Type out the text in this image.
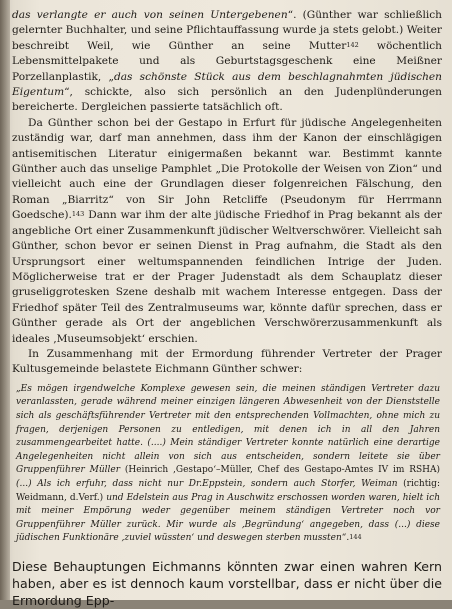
das verlangte er auch von seinen Untergebenen“. (Günther war schließlich gelernter Buchhalter, und seine Pflichtauffassung wurde ja stets gelobt.) Weiter beschreibt Weil, wie Günther an seine Mutter$^{142}$ wöchentlich Lebensmittelpakete und als Geburtstagsgeschenk eine Meißner Porzellanplastik, „das schönste Stück aus dem beschlagnahmten jüdischen Eigentum“, schickte, also sich persönlich an den Judenplünderungen bereicherte. Dergleichen passierte tatsächlich oft.

Da Günther schon bei der Gestapo in Erfurt für jüdische Angelegenheiten zuständig war, darf man annehmen, dass ihm der Kanon der einschlägigen antisemitischen Literatur einigermaßen bekannt war. Bestimmt kannte Günther auch das unselige Pamphlet „Die Protokolle der Weisen von Zion“ und vielleicht auch eine der Grundlagen dieser folgenreichen Fälschung, den Roman „Biarritz“ von Sir John Retcliffe (Pseudonym für Herrmann Goedsche).$^{143}$ Dann war ihm der alte jüdische Friedhof in Prag bekannt als der angebliche Ort einer Zusammenkunft jüdischer Weltverschwörer. Vielleicht sah Günther, schon bevor er seinen Dienst in Prag aufnahm, die Stadt als den Ursprungsort einer weltumspannenden feindlichen Intrige der Juden. Möglicherweise trat er der Prager Judenstadt als dem Schauplatz dieser gruseliggrotesken Szene deshalb mit wachem Interesse entgegen. Dass der Friedhof später Teil des Zentralmuseums war, könnte dafür sprechen, dass er Günther gerade als Ort der angeblichen Verschwörerzusammenkunft als ideales ‚Museumsobjekt‘ erschien.

In Zusammenhang mit der Ermordung führender Vertreter der Prager Kultusgemeinde belastete Eichmann Günther schwer:

„Es mögen irgendwelche Komplexe gewesen sein, die meinen ständigen Vertreter dazu veranlassten, gerade während meiner einzigen längeren Abwesenheit von der Dienststelle sich als geschäftsführender Vertreter mit den entsprechenden Vollmachten, ohne mich zu fragen, derjenigen Personen zu entledigen, mit denen ich in all den Jahren zusammengearbeitet hatte. (....) Mein ständiger Vertreter konnte natürlich eine derartige Angelegenheiten nicht allein von sich aus entscheiden, sondern leitete sie über Gruppenführer Müller (Heinrich ‚Gestapo‘–Müller, Chef des Gestapo-Amtes IV im RSHA) (...) Als ich erfuhr, dass nicht nur Dr.Eppstein, sondern auch Storfer, Weiman (richtig: Weidmann, d.Verf.) und Edelstein aus Prag in Auschwitz erschossen worden waren, hielt ich mit meiner Empörung weder gegenüber meinem ständigen Vertreter noch vor Gruppenführer Müller zurück. Mir wurde als ‚Begründung‘ angegeben, dass (...) diese jüdischen Funktionäre ‚zuviel wüssten‘ und deswegen sterben mussten“.$^{144}$

Diese Behauptungen Eichmanns könnten zwar einen wahren Kern haben, aber es ist dennoch kaum vorstellbar, dass er nicht über die Ermordung Epp-
